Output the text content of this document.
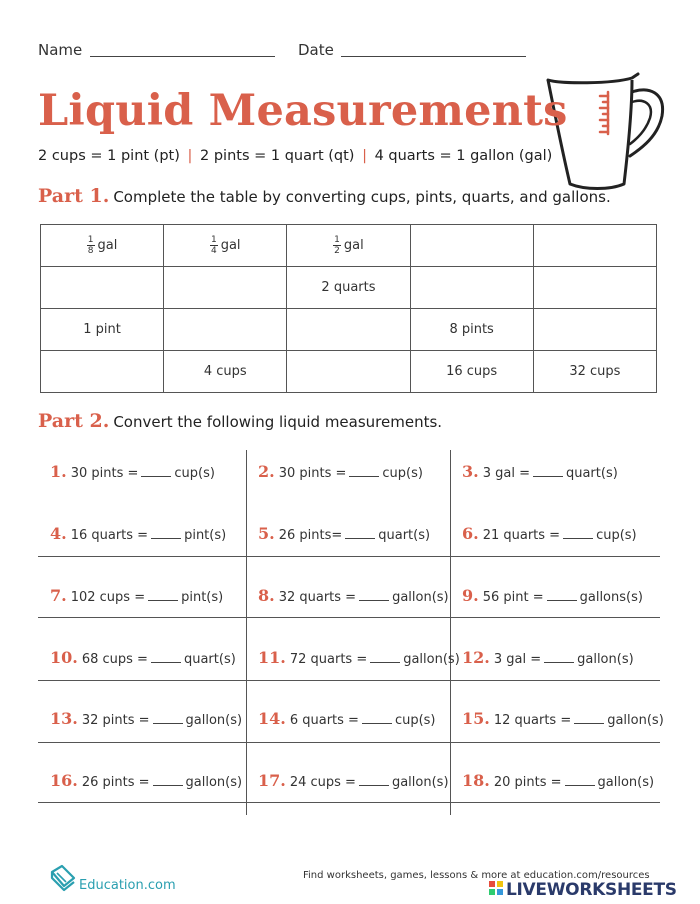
Name	Date
Liquid Measurements
2 cups = 1 pint (pt) | 2 pints = 1 quart (qt) | 4 quarts = 1 gallon (gal)
Part 1. Complete the table by converting cups, pints, quarts, and gallons.
$\frac{1}{8}$ gal	$\frac{1}{4}$ gal	$\frac{1}{2}$ gal		
		2 quarts		
1 pint			8 pints	
	4 cups		16 cups	32 cups
Part 2. Convert the following liquid measurements.
1. 30 pints =	cup(s)	2. 30 pints =	cup(s) 3. 3 gal =	quart(s)
4. 16 quarts =	pint(s) 5. 26 pints=	quart(s) 6. 21 quarts =	cup(s)
7. 102 cups =	pint(s) 8. 32 quarts =	gallon(s) 9. 56 pint =	gallons(s)
10. 68 cups =	quart(s) 11. 72 quarts =	gallon(s) 12. 3 gal =	gallon(s)
13. 32 pints =	gallon(s) 14. 6 quarts =	cup(s) 15. 12 quarts =	gallon(s)
16. 26 pints =	gallon(s) 17. 24 cups =	gallon(s) 18. 20 pints =	gallon(s)
Education.com
Find worksheets, games, lessons & more at education.com/resources
LIVEWORKSHEETS
